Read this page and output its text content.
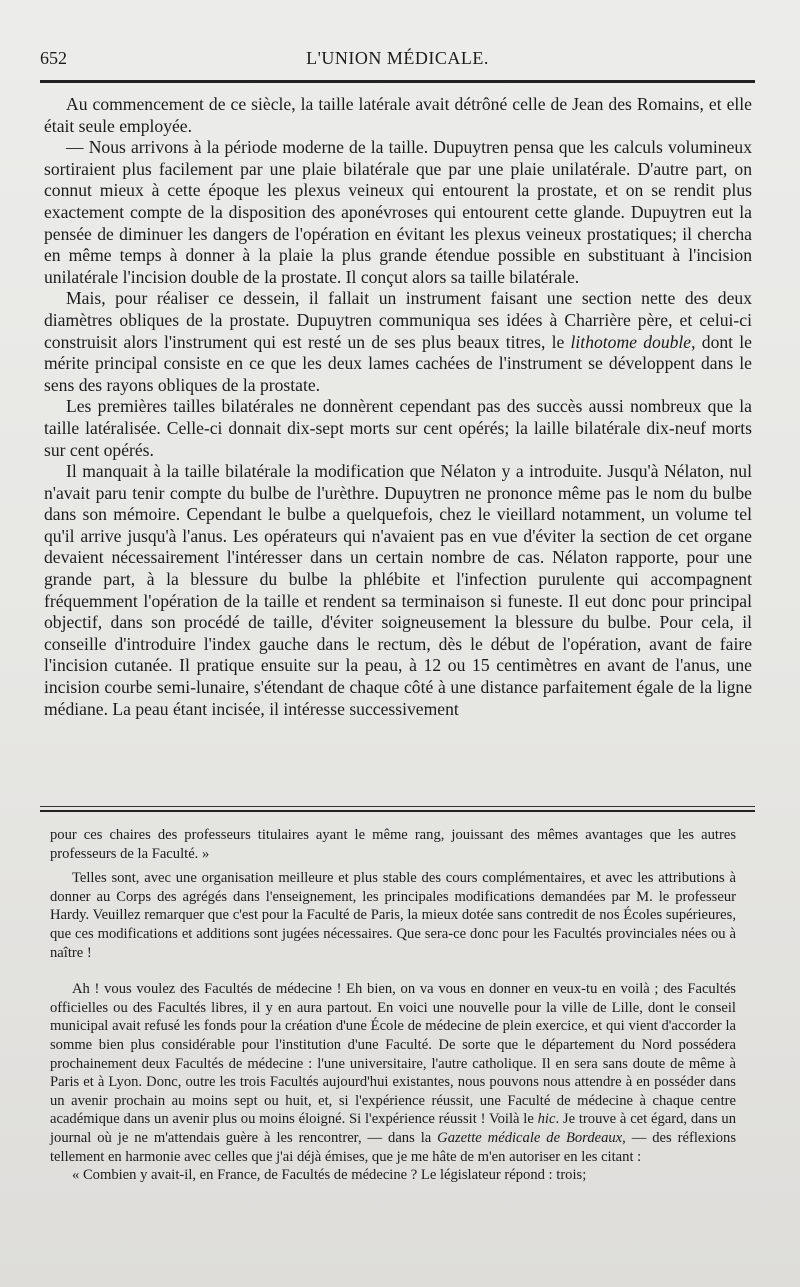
652	L'UNION MÉDICALE.

Au commencement de ce siècle, la taille latérale avait détrôné celle de Jean des Romains, et elle était seule employée.

— Nous arrivons à la période moderne de la taille. Dupuytren pensa que les calculs volumineux sortiraient plus facilement par une plaie bilatérale que par une plaie unilatérale. D'autre part, on connut mieux à cette époque les plexus veineux qui entourent la prostate, et on se rendit plus exactement compte de la disposition des aponévroses qui entourent cette glande. Dupuytren eut la pensée de diminuer les dangers de l'opération en évitant les plexus veineux prostatiques; il chercha en même temps à donner à la plaie la plus grande étendue possible en substituant à l'incision unilatérale l'incision double de la prostate. Il conçut alors sa taille bilatérale.

Mais, pour réaliser ce dessein, il fallait un instrument faisant une section nette des deux diamètres obliques de la prostate. Dupuytren communiqua ses idées à Charrière père, et celui-ci construisit alors l'instrument qui est resté un de ses plus beaux titres, le lithotome double, dont le mérite principal consiste en ce que les deux lames cachées de l'instrument se développent dans le sens des rayons obliques de la prostate.

Les premières tailles bilatérales ne donnèrent cependant pas des succès aussi nombreux que la taille latéralisée. Celle-ci donnait dix-sept morts sur cent opérés; la laille bilatérale dix-neuf morts sur cent opérés.

Il manquait à la taille bilatérale la modification que Nélaton y a introduite. Jusqu'à Nélaton, nul n'avait paru tenir compte du bulbe de l'urèthre. Dupuytren ne prononce même pas le nom du bulbe dans son mémoire. Cependant le bulbe a quelquefois, chez le vieillard notamment, un volume tel qu'il arrive jusqu'à l'anus. Les opérateurs qui n'avaient pas en vue d'éviter la section de cet organe devaient nécessairement l'intéresser dans un certain nombre de cas. Nélaton rapporte, pour une grande part, à la blessure du bulbe la phlébite et l'infection purulente qui accompagnent fréquemment l'opération de la taille et rendent sa terminaison si funeste. Il eut donc pour principal objectif, dans son procédé de taille, d'éviter soigneusement la blessure du bulbe. Pour cela, il conseille d'introduire l'index gauche dans le rectum, dès le début de l'opération, avant de faire l'incision cutanée. Il pratique ensuite sur la peau, à 12 ou 15 centimètres en avant de l'anus, une incision courbe semi-lunaire, s'étendant de chaque côté à une distance parfaitement égale de la ligne médiane. La peau étant incisée, il intéresse successivement

pour ces chaires des professeurs titulaires ayant le même rang, jouissant des mêmes avantages que les autres professeurs de la Faculté. »

Telles sont, avec une organisation meilleure et plus stable des cours complémentaires, et avec les attributions à donner au Corps des agrégés dans l'enseignement, les principales modifications demandées par M. le professeur Hardy. Veuillez remarquer que c'est pour la Faculté de Paris, la mieux dotée sans contredit de nos Écoles supérieures, que ces modifications et additions sont jugées nécessaires. Que sera-ce donc pour les Facultés provinciales nées ou à naître !

Ah ! vous voulez des Facultés de médecine ! Eh bien, on va vous en donner en veux-tu en voilà ; des Facultés officielles ou des Facultés libres, il y en aura partout. En voici une nouvelle pour la ville de Lille, dont le conseil municipal avait refusé les fonds pour la création d'une École de médecine de plein exercice, et qui vient d'accorder la somme bien plus considérable pour l'institution d'une Faculté. De sorte que le département du Nord possédera prochainement deux Facultés de médecine : l'une universitaire, l'autre catholique. Il en sera sans doute de même à Paris et à Lyon. Donc, outre les trois Facultés aujourd'hui existantes, nous pouvons nous attendre à en posséder dans un avenir prochain au moins sept ou huit, et, si l'expérience réussit, une Faculté de médecine à chaque centre académique dans un avenir plus ou moins éloigné. Si l'expérience réussit ! Voilà le hic. Je trouve à cet égard, dans un journal où je ne m'attendais guère à les rencontrer, — dans la Gazette médicale de Bordeaux, — des réflexions tellement en harmonie avec celles que j'ai déjà émises, que je me hâte de m'en autoriser en les citant :

« Combien y avait-il, en France, de Facultés de médecine ? Le législateur répond : trois;
